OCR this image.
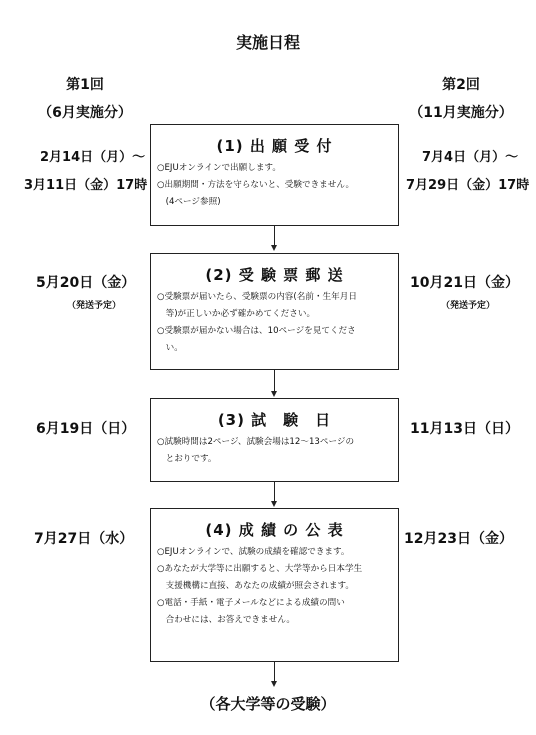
実施日程
第1回
（6月実施分）
第2回
（11月実施分）
2月14日（月）～
3月11日（金）17時
7月4日（月）～
7月29日（金）17時
(1) 出 願 受 付

○EJUオンラインで出願します。

○出願期間・方法を守らないと、受験できません。

　(4ページ参照)

5月20日（金）
（発送予定）
10月21日（金）
（発送予定）
(2) 受 験 票 郵 送

○受験票が届いたら、受験票の内容(名前・生年月日

　等)が正しいか必ず確かめてください。

○受験票が届かない場合は、10ページを見てくださ

　い。

6月19日（日）	11月13日（日）
(3) 試　験　日

○試験時間は2ページ、試験会場は12～13ページの

　とおりです。

7月27日（水）	12月23日（金）
(4) 成 績 の 公 表

○EJUオンラインで、試験の成績を確認できます。

○あなたが大学等に出願すると、大学等から日本学生

　支援機構に直接、あなたの成績が照会されます。

○電話・手紙・電子メールなどによる成績の問い

　合わせには、お答えできません。

（各大学等の受験）
